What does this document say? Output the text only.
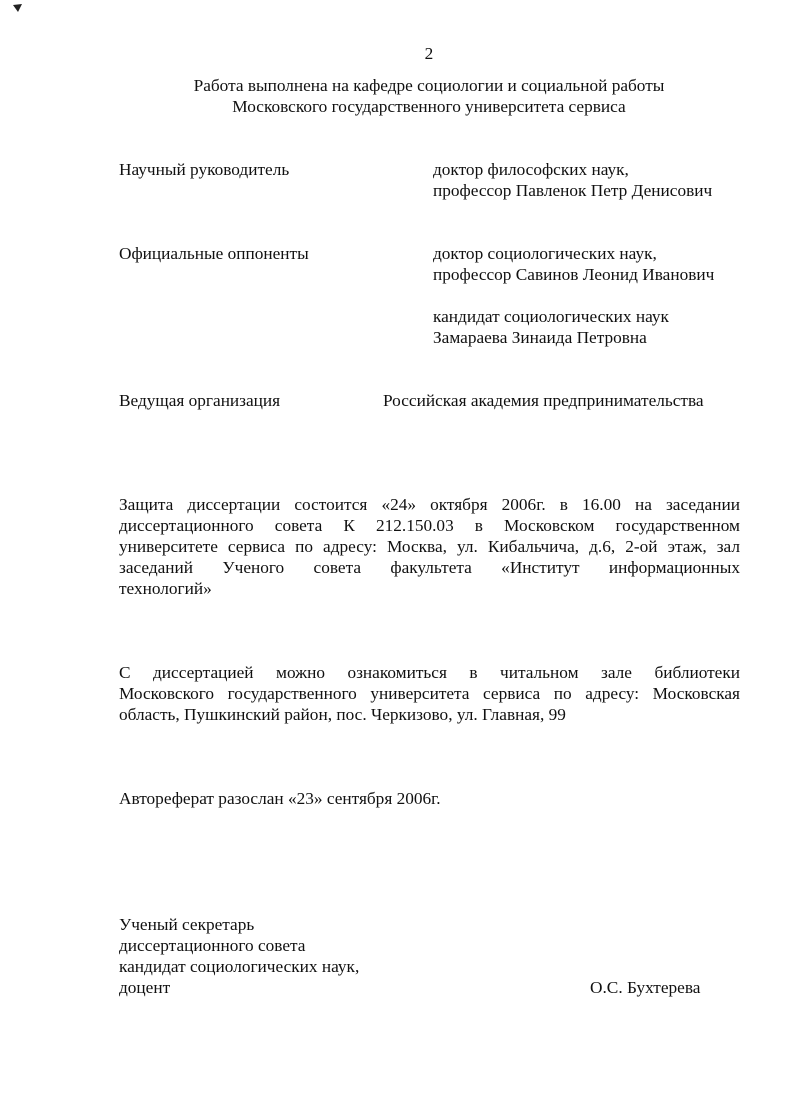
2
Работа выполнена на кафедре социологии и социальной работы
Московского государственного университета сервиса
Научный руководитель	доктор философских наук,
профессор Павленок Петр Денисович
Официальные оппоненты	доктор социологических наук,
профессор Савинов Леонид Иванович
кандидат социологических наук
Замараева Зинаида Петровна
Ведущая организация	Российская академия предпринимательства
Защита диссертации состоится «24» октября 2006г. в 16.00 на заседании
диссертационного совета К 212.150.03 в Московском государственном
университете сервиса по адресу: Москва, ул. Кибальчича, д.6, 2-ой этаж, зал
заседаний Ученого совета факультета «Институт информационных
технологий»
С диссертацией можно ознакомиться в читальном зале библиотеки
Московского государственного университета сервиса по адресу: Московская
область, Пушкинский район, пос. Черкизово, ул. Главная, 99
Автореферат разослан «23» сентября 2006г.
Ученый секретарь
диссертационного совета
кандидат социологических наук,
доцент	О.С. Бухтерева
